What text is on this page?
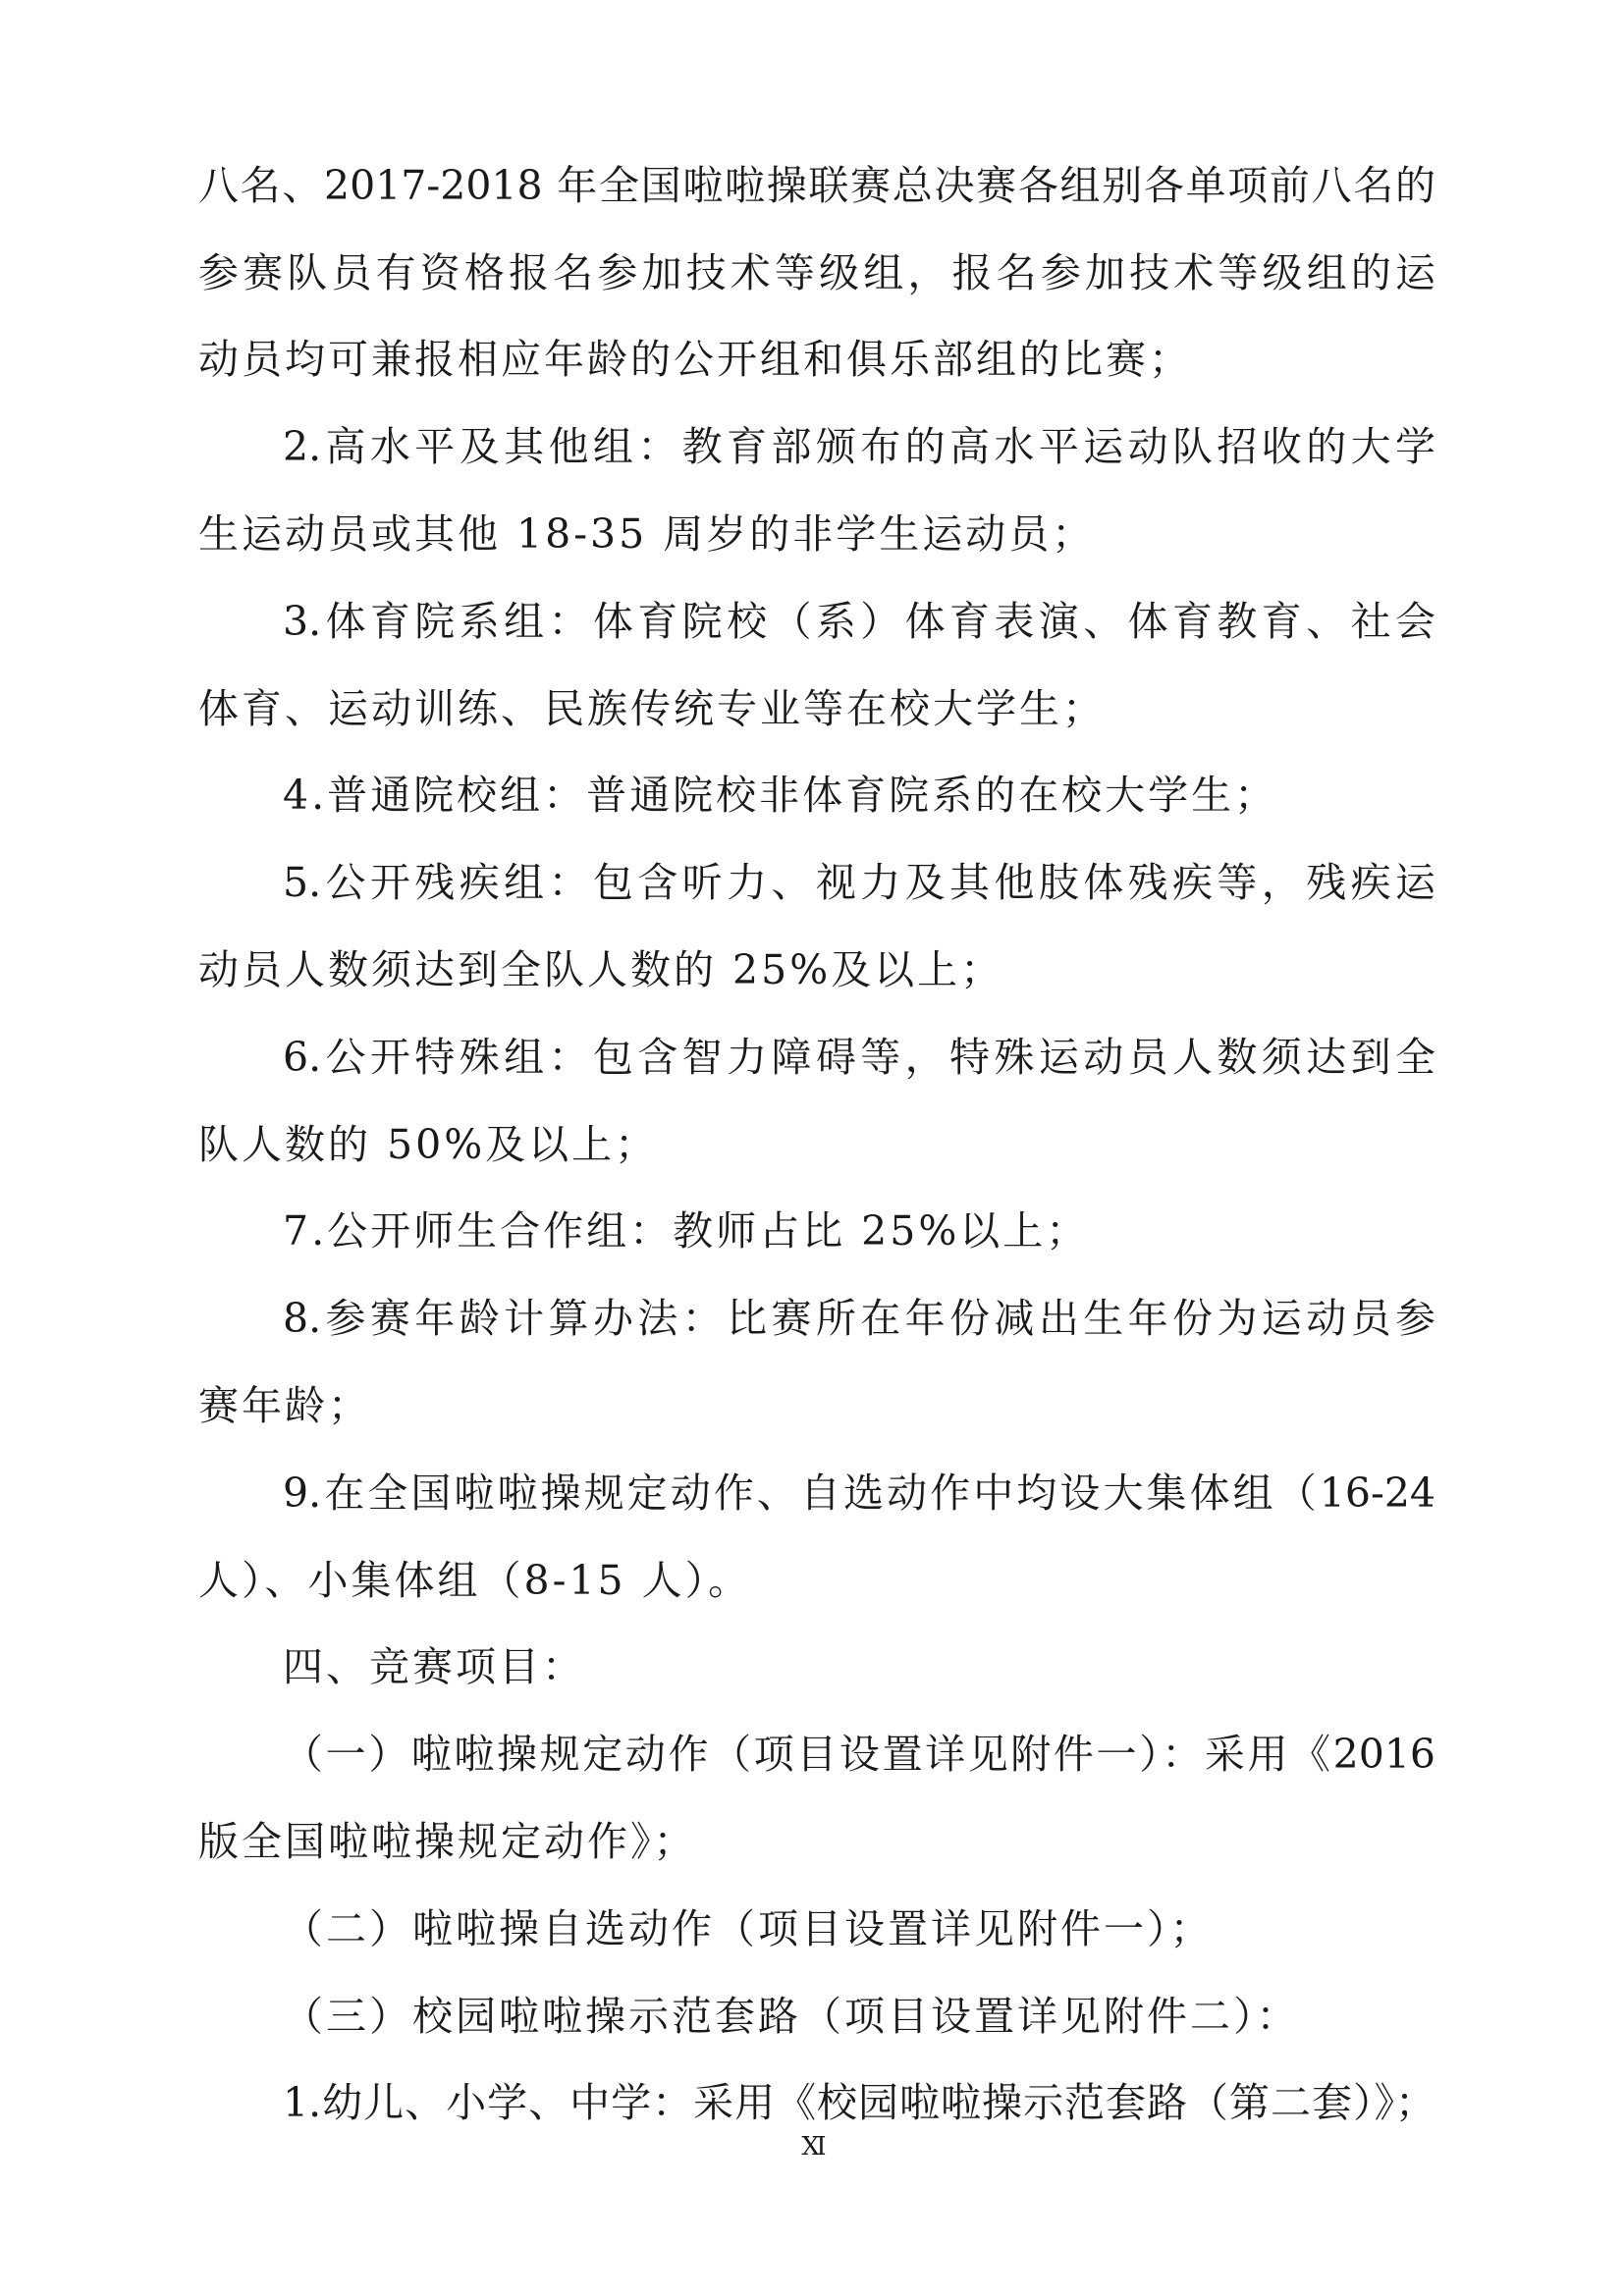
八名、2017-2018 年全国啦啦操联赛总决赛各组别各单项前八名的
参赛队员有资格报名参加技术等级组，报名参加技术等级组的运
动员均可兼报相应年龄的公开组和俱乐部组的比赛；
2.高水平及其他组：教育部颁布的高水平运动队招收的大学
生运动员或其他 18-35 周岁的非学生运动员；
3.体育院系组：体育院校（系）体育表演、体育教育、社会
体育、运动训练、民族传统专业等在校大学生；
4.普通院校组：普通院校非体育院系的在校大学生；
5.公开残疾组：包含听力、视力及其他肢体残疾等，残疾运
动员人数须达到全队人数的 25%及以上；
6.公开特殊组：包含智力障碍等，特殊运动员人数须达到全
队人数的 50%及以上；
7.公开师生合作组：教师占比 25%以上；
8.参赛年龄计算办法：比赛所在年份减出生年份为运动员参
赛年龄；
9.在全国啦啦操规定动作、自选动作中均设大集体组（16-24
人）、小集体组（8-15 人）。
四、竞赛项目：
（一）啦啦操规定动作（项目设置详见附件一）：采用《2016
版全国啦啦操规定动作》；
（二）啦啦操自选动作（项目设置详见附件一）；
（三）校园啦啦操示范套路（项目设置详见附件二）：
1.幼儿、小学、中学：采用《校园啦啦操示范套路（第二套）》；
Ⅺ
